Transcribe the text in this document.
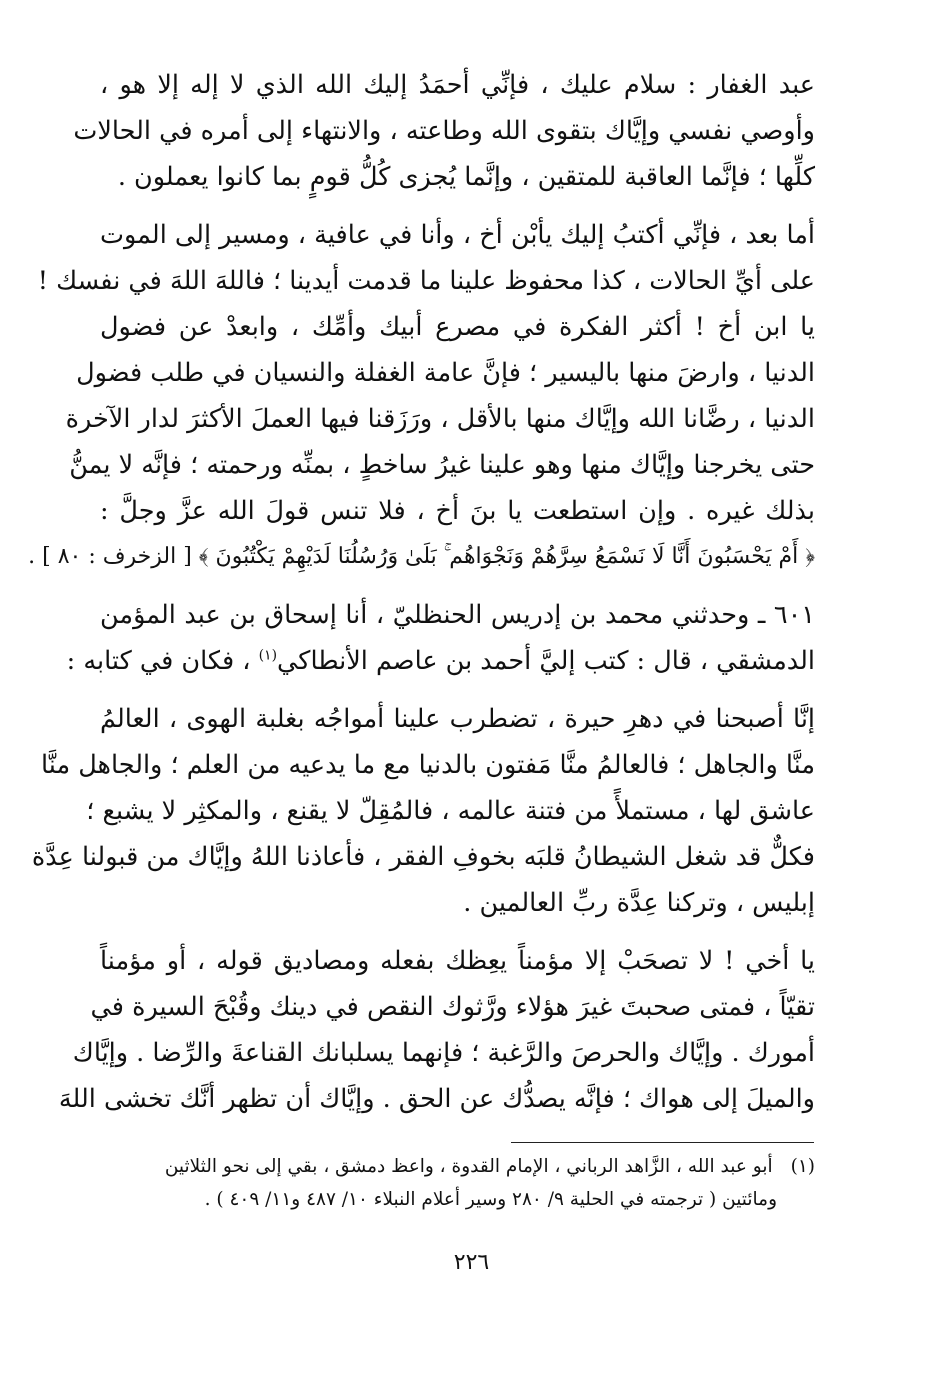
عبد الغفار : سلام عليك ، فإنِّي أحمَدُ إليك الله الذي لا إله إلا هو ،
وأوصي نفسي وإيَّاك بتقوى الله وطاعته ، والانتهاء إلى أمره في الحالات
كلِّها ؛ فإنَّما العاقبة للمتقين ، وإنَّما يُجزى كُلُّ قومٍ بما كانوا يعملون .
أما بعد ، فإنِّي أكتبُ إليك يأبْن أخ ، وأنا في عافية ، ومسير إلى الموت
على أيِّ الحالات ، كذا محفوظ علينا ما قدمت أيدينا ؛ فاللهَ اللهَ في نفسك !
يا ابن أخ ! أكثر الفكرة في مصرع أبيك وأمِّك ، وابعدْ عن فضول
الدنيا ، وارضَ منها باليسير ؛ فإنَّ عامة الغفلة والنسيان في طلب فضول
الدنيا ، رضَّانا الله وإيَّاك منها بالأقل ، ورَزَقنا فيها العملَ الأكثرَ لدار الآخرة
حتى يخرجنا وإيَّاك منها وهو علينا غيرُ ساخطٍ ، بمنِّه ورحمته ؛ فإنَّه لا يمنُّ
بذلك غيره . وإن استطعت يا بنَ أخ ، فلا تنس قولَ الله عزَّ وجلَّ :
﴿ أَمْ يَحْسَبُونَ أَنَّا لَا نَسْمَعُ سِرَّهُمْ وَنَجْوَاهُم ۚ بَلَىٰ وَرُسُلُنَا لَدَيْهِمْ يَكْتُبُونَ ﴾ [ الزخرف : ٨٠ ] .
٦٠١ ـ وحدثني محمد بن إدريس الحنظليّ ، أنا إسحاق بن عبد المؤمن
الدمشقي ، قال : كتب إليَّ أحمد بن عاصم الأنطاكي$^{(١)}$ ، فكان في كتابه :
إنَّا أصبحنا في دهرِ حيرة ، تضطرب علينا أمواجُه بغلبة الهوى ، العالمُ
منَّا والجاهل ؛ فالعالمُ منَّا مَفتون بالدنيا مع ما يدعيه من العلم ؛ والجاهل منَّا
عاشق لها ، مستملأً من فتنة عالمه ، فالمُقِلّ لا يقنع ، والمكثِر لا يشبع ؛
فكلٌّ قد شغل الشيطانُ قلبَه بخوفِ الفقر ، فأعاذنا اللهُ وإيَّاك من قبولنا عِدَّة
إبليس ، وتركنا عِدَّة ربِّ العالمين .
يا أخي ! لا تصحَبْ إلا مؤمناً يعِظك بفعله ومصاديق قوله ، أو مؤمناً
تقيّاً ، فمتى صحبتَ غيرَ هؤلاء ورَّثوك النقص في دينك وقُبْحَ السيرة في
أمورك . وإيَّاك والحرصَ والرَّغبة ؛ فإنهما يسلبانك القناعةَ والرِّضا . وإيَّاك
والميلَ إلى هواك ؛ فإنَّه يصدُّك عن الحق . وإيَّاك أن تظهر أنَّك تخشى اللهَ
(١)أبو عبد الله ، الزَّاهد الرباني ، الإمام القدوة ، واعظ دمشق ، بقي إلى نحو الثلاثين
ومائتين ( ترجمته في الحلية ٩/ ٢٨٠ وسير أعلام النبلاء ١٠/ ٤٨٧ و١١/ ٤٠٩ ) .
٢٢٦
